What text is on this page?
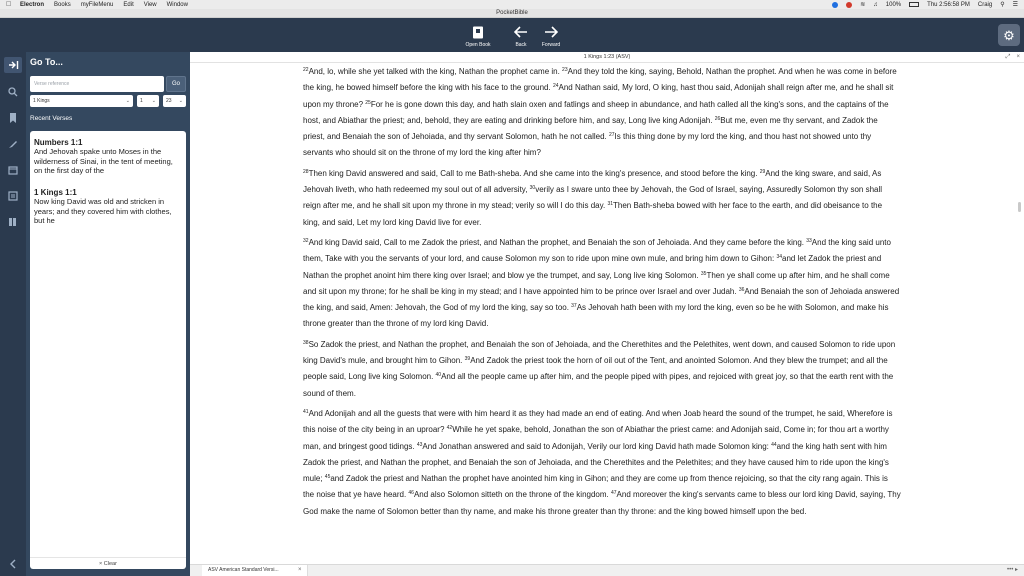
Electron Books myFileMenu Edit View Window	≋ ♫ 100%	Thu 2:56:58 PM Craig ⚲ ☰
PocketBible
Open Book	Back	Forward
⚙
Go To...
Verse reference
Go
1 Kings	⌄ 1 ⌄ 23 ⌄
Recent Verses
Numbers 1:1
And Jehovah spake unto Moses in the wilderness of Sinai, in the tent of meeting, on the first day of the
1 Kings 1:1
Now king David was old and stricken in years; and they covered him with clothes, but he
× Clear
1 Kings 1:23 (ASV)	⤢ ×

$^{22}$And, lo, while she yet talked with the king, Nathan the prophet came in. $^{23}$And they told the king, saying, Behold, Nathan the prophet. And when he was come in before the king, he bowed himself before the king with his face to the ground. $^{24}$And Nathan said, My lord, O king, hast thou said, Adonijah shall reign after me, and he shall sit upon my throne? $^{25}$For he is gone down this day, and hath slain oxen and fatlings and sheep in abundance, and hath called all the king's sons, and the captains of the host, and Abiathar the priest; and, behold, they are eating and drinking before him, and say, Long live king Adonijah. $^{26}$But me, even me thy servant, and Zadok the priest, and Benaiah the son of Jehoiada, and thy servant Solomon, hath he not called. $^{27}$Is this thing done by my lord the king, and thou hast not showed unto thy servants who should sit on the throne of my lord the king after him?

$^{28}$Then king David answered and said, Call to me Bath-sheba. And she came into the king's presence, and stood before the king. $^{29}$And the king sware, and said, As Jehovah liveth, who hath redeemed my soul out of all adversity, $^{30}$verily as I sware unto thee by Jehovah, the God of Israel, saying, Assuredly Solomon thy son shall reign after me, and he shall sit upon my throne in my stead; verily so will I do this day. $^{31}$Then Bath-sheba bowed with her face to the earth, and did obeisance to the king, and said, Let my lord king David live for ever.

$^{32}$And king David said, Call to me Zadok the priest, and Nathan the prophet, and Benaiah the son of Jehoiada. And they came before the king. $^{33}$And the king said unto them, Take with you the servants of your lord, and cause Solomon my son to ride upon mine own mule, and bring him down to Gihon: $^{34}$and let Zadok the priest and Nathan the prophet anoint him there king over Israel; and blow ye the trumpet, and say, Long live king Solomon. $^{35}$Then ye shall come up after him, and he shall come and sit upon my throne; for he shall be king in my stead; and I have appointed him to be prince over Israel and over Judah. $^{36}$And Benaiah the son of Jehoiada answered the king, and said, Amen: Jehovah, the God of my lord the king, say so too. $^{37}$As Jehovah hath been with my lord the king, even so be he with Solomon, and make his throne greater than the throne of my lord king David.

$^{38}$So Zadok the priest, and Nathan the prophet, and Benaiah the son of Jehoiada, and the Cherethites and the Pelethites, went down, and caused Solomon to ride upon king David's mule, and brought him to Gihon. $^{39}$And Zadok the priest took the horn of oil out of the Tent, and anointed Solomon. And they blew the trumpet; and all the people said, Long live king Solomon. $^{40}$And all the people came up after him, and the people piped with pipes, and rejoiced with great joy, so that the earth rent with the sound of them.

$^{41}$And Adonijah and all the guests that were with him heard it as they had made an end of eating. And when Joab heard the sound of the trumpet, he said, Wherefore is this noise of the city being in an uproar? $^{42}$While he yet spake, behold, Jonathan the son of Abiathar the priest came: and Adonijah said, Come in; for thou art a worthy man, and bringest good tidings. $^{43}$And Jonathan answered and said to Adonijah, Verily our lord king David hath made Solomon king: $^{44}$and the king hath sent with him Zadok the priest, and Nathan the prophet, and Benaiah the son of Jehoiada, and the Cherethites and the Pelethites; and they have caused him to ride upon the king's mule; $^{45}$and Zadok the priest and Nathan the prophet have anointed him king in Gihon; and they are come up from thence rejoicing, so that the city rang again. This is the noise that ye have heard. $^{46}$And also Solomon sitteth on the throne of the kingdom. $^{47}$And moreover the king's servants came to bless our lord king David, saying, Thy God make the name of Solomon better than thy name, and make his throne greater than thy throne: and the king bowed himself upon the bed.

ASV American Standard Versi...	×	••• ▸
